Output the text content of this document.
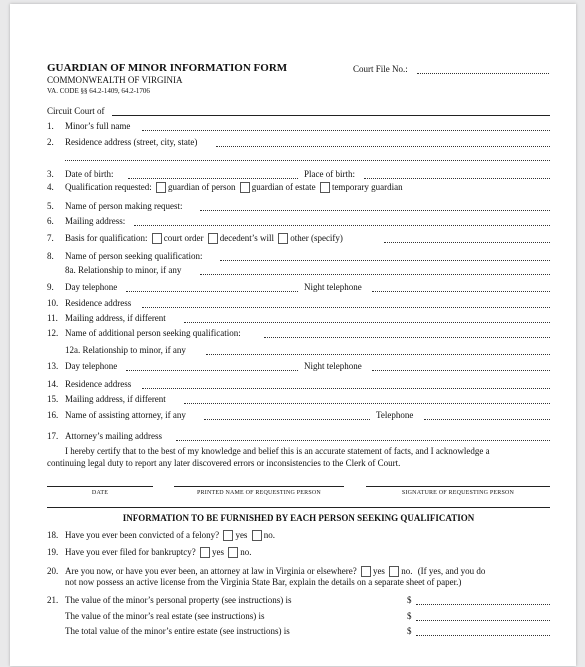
GUARDIAN OF MINOR INFORMATION FORM	Court File No.:
COMMONWEALTH OF VIRGINIA
VA. CODE §§ 64.2-1409, 64.2-1706
Circuit Court of
1. Minor’s full name
2. Residence address (street, city, state)
3. Date of birth:	Place of birth:
4. Qualification requested: guardian of person guardian of estate temporary guardian
5. Name of person making request:
6. Mailing address:
7. Basis for qualification: court order decedent’s will other (specify)
8. Name of person seeking qualification:
8a. Relationship to minor, if any
9. Day telephone	Night telephone
10. Residence address
11. Mailing address, if different
12. Name of additional person seeking qualification:
12a. Relationship to minor, if any
13. Day telephone	Night telephone
14. Residence address
15. Mailing address, if different
16. Name of assisting attorney, if any	Telephone
17. Attorney’s mailing address
I hereby certify that to the best of my knowledge and belief this is an accurate statement of facts, and I acknowledge a
continuing legal duty to report any later discovered errors or inconsistencies to the Clerk of Court.
DATE	PRINTED NAME OF REQUESTING PERSON	SIGNATURE OF REQUESTING PERSON
INFORMATION TO BE FURNISHED BY EACH PERSON SEEKING QUALIFICATION
18. Have you ever been convicted of a felony? yes no.
19. Have you ever filed for bankruptcy? yes no.
20. Are you now, or have you ever been, an attorney at law in Virginia or elsewhere? yes no. (If yes, and you do
not now possess an active license from the Virginia State Bar, explain the details on a separate sheet of paper.)
21. The value of the minor’s personal property (see instructions) is	$
The value of the minor’s real estate (see instructions) is	$
The total value of the minor’s entire estate (see instructions) is	$
